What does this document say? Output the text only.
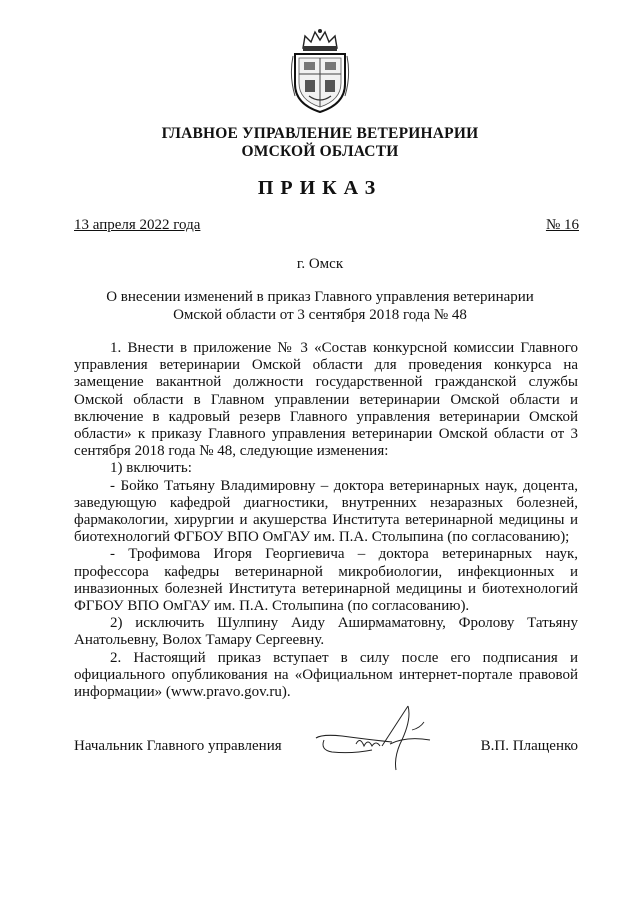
ГЛАВНОЕ УПРАВЛЕНИЕ ВЕТЕРИНАРИИ
ОМСКОЙ ОБЛАСТИ
ПРИКАЗ
13 апреля 2022 года	№ 16
г. Омск
О внесении изменений в приказ Главного управления ветеринарии
Омской области от 3 сентября 2018 года № 48

1. Внести в приложение № 3 «Состав конкурсной комиссии Главного управления ветеринарии Омской области для проведения конкурса на замещение вакантной должности государственной гражданской службы Омской области в Главном управлении ветеринарии Омской области и включение в кадровый резерв Главного управления ветеринарии Омской области» к приказу Главного управления ветеринарии Омской области от 3 сентября 2018 года № 48, следующие изменения:

1) включить:

- Бойко Татьяну Владимировну – доктора ветеринарных наук, доцента, заведующую кафедрой диагностики, внутренних незаразных болезней, фармакологии, хирургии и акушерства Института ветеринарной медицины и биотехнологий ФГБОУ ВПО ОмГАУ им. П.А. Столыпина (по согласованию);

- Трофимова Игоря Георгиевича – доктора ветеринарных наук, профессора кафедры ветеринарной микробиологии, инфекционных и инвазионных болезней Института ветеринарной медицины и биотехнологий ФГБОУ ВПО ОмГАУ им. П.А. Столыпина (по согласованию).

2) исключить Шулпину Аиду Аширмаматовну, Фролову Татьяну Анатольевну, Волох Тамару Сергеевну.

2. Настоящий приказ вступает в силу после его подписания и официального опубликования на «Официальном интернет-портале правовой информации» (www.pravo.gov.ru).

Начальник Главного управления	В.П. Плащенко
